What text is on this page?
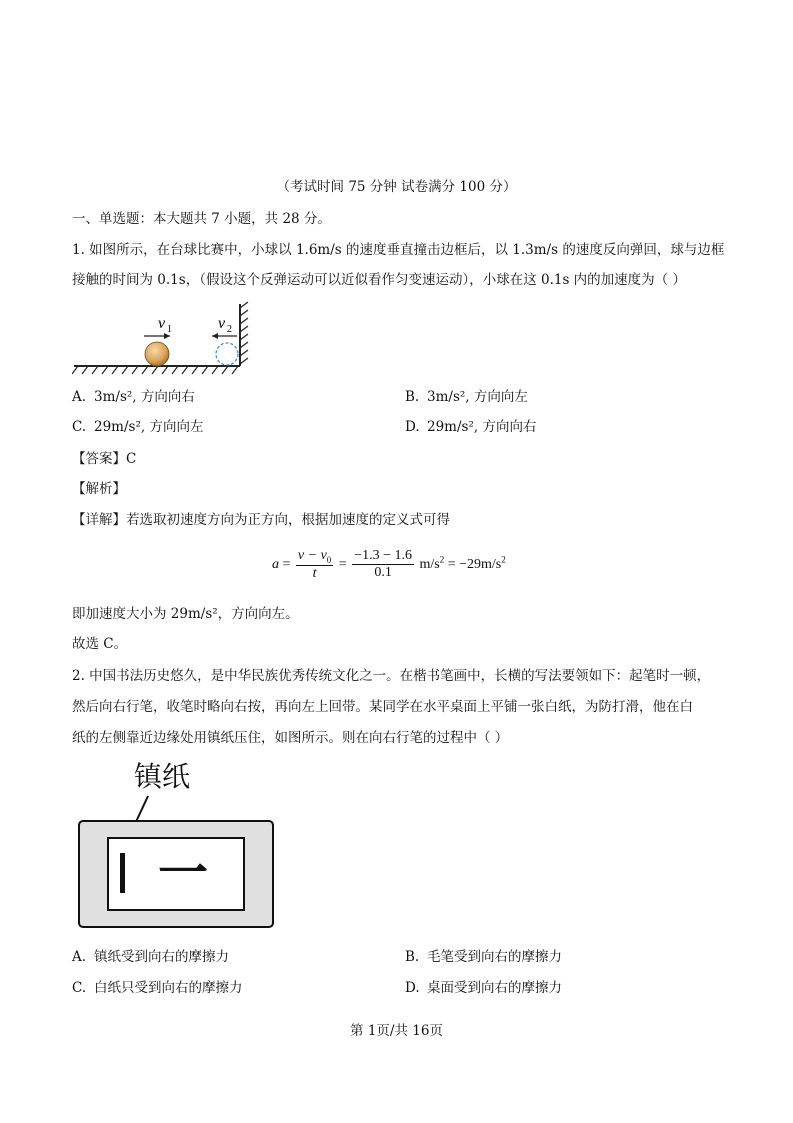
（考试时间 75 分钟 试卷满分 100 分）
一、单选题：本大题共 7 小题，共 28 分。
1. 如图所示，在台球比赛中，小球以 1.6m/s 的速度垂直撞击边框后，以 1.3m/s 的速度反向弹回，球与边框
接触的时间为 0.1s，（假设这个反弹运动可以近似看作匀变速运动），小球在这 0.1s 内的加速度为（ ）
v 1	v 2
A. 3m/s², 方向向右	B. 3m/s², 方向向左
C. 29m/s², 方向向左	D. 29m/s², 方向向右
【答案】C
【解析】
【详解】若选取初速度方向为正方向，根据加速度的定义式可得
$a = \frac{v - v_0}{t} = \frac{-1.3 - 1.6}{0.1} m/s^2 = -29m/s^2$
即加速度大小为 29m/s²，方向向左。
故选 C。
2. 中国书法历史悠久，是中华民族优秀传统文化之一。在楷书笔画中，长横的写法要领如下：起笔时一顿，
然后向右行笔，收笔时略向右按，再向左上回带。某同学在水平桌面上平铺一张白纸，为防打滑，他在白
纸的左侧靠近边缘处用镇纸压住，如图所示。则在向右行笔的过程中（ ）
镇纸
一
A. 镇纸受到向右的摩擦力	B. 毛笔受到向右的摩擦力
C. 白纸只受到向右的摩擦力	D. 桌面受到向右的摩擦力
第 1页/共 16页
